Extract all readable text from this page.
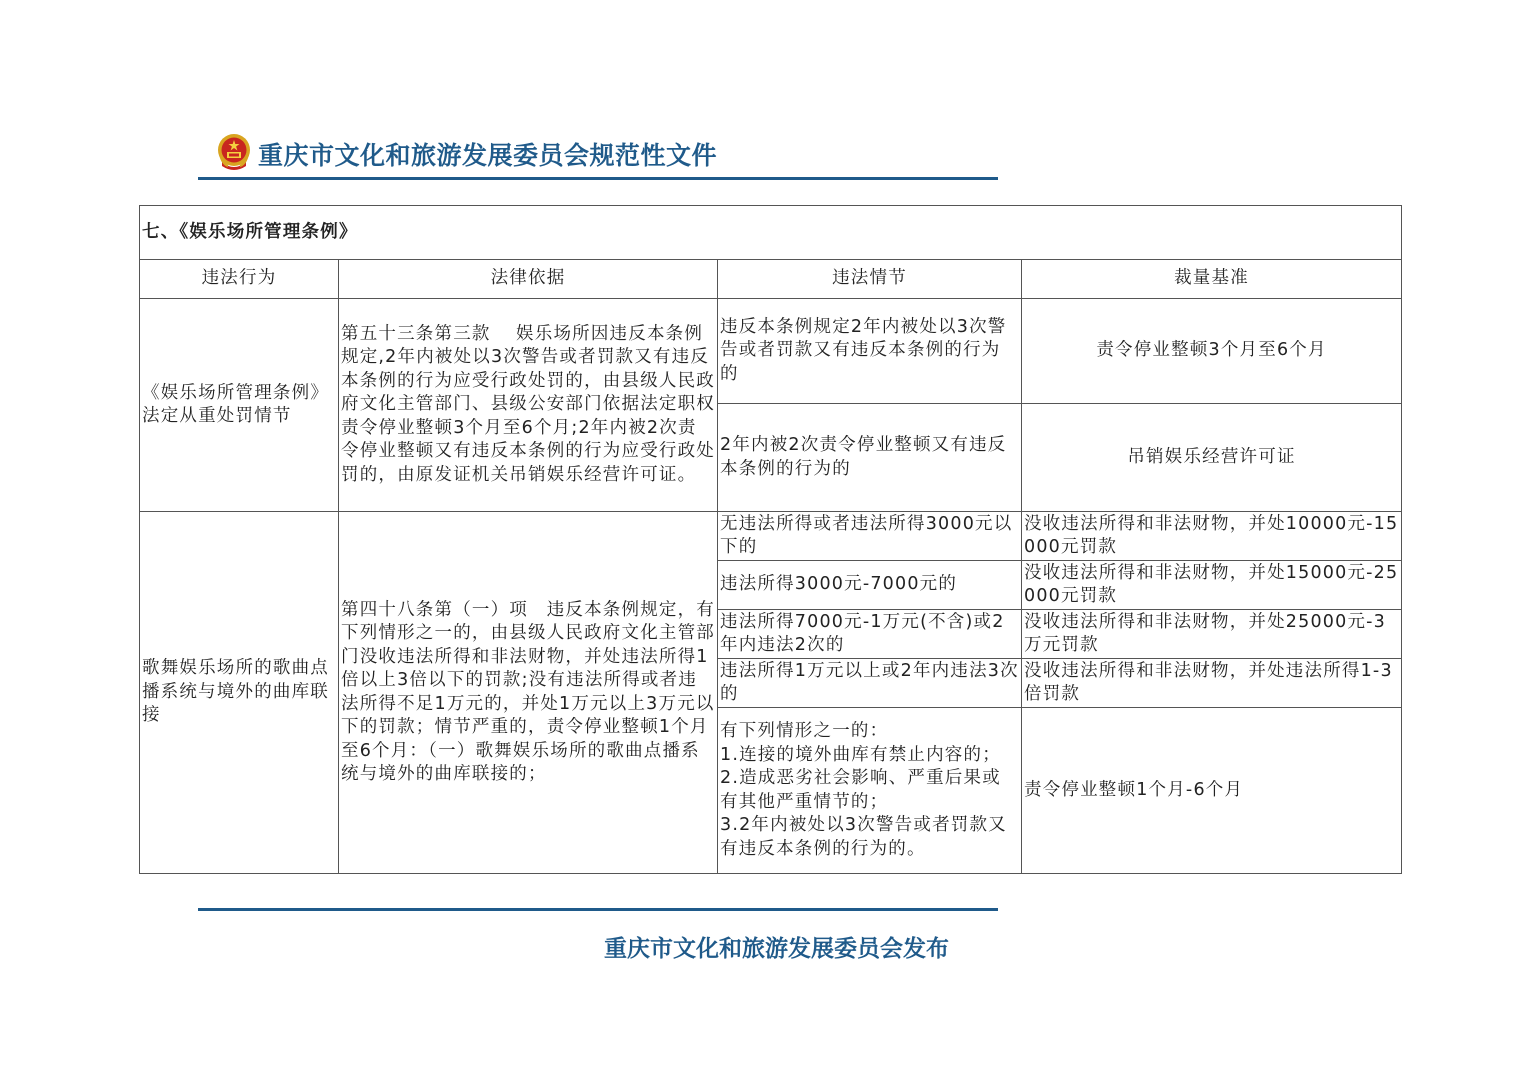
重庆市文化和旅游发展委员会规范性文件
七、《娱乐场所管理条例》			
违法行为	法律依据	违法情节	裁量基准
《娱乐场所管理条例》法定从重处罚情节	第五十三条第三款　 娱乐场所因违反本条例规定,2年内被处以3次警告或者罚款又有违反本条例的行为应受行政处罚的，由县级人民政府文化主管部门、县级公安部门依据法定职权责令停业整顿3个月至6个月;2年内被2次责令停业整顿又有违反本条例的行为应受行政处罚的，由原发证机关吊销娱乐经营许可证。	违反本条例规定2年内被处以3次警告或者罚款又有违反本条例的行为的	责令停业整顿3个月至6个月
		2年内被2次责令停业整顿又有违反本条例的行为的	吊销娱乐经营许可证
歌舞娱乐场所的歌曲点播系统与境外的曲库联接	第四十八条第（一）项　违反本条例规定，有下列情形之一的，由县级人民政府文化主管部门没收违法所得和非法财物，并处违法所得1倍以上3倍以下的罚款;没有违法所得或者违法所得不足1万元的，并处1万元以上3万元以下的罚款；情节严重的，责令停业整顿1个月至6个月：（一）歌舞娱乐场所的歌曲点播系统与境外的曲库联接的；	无违法所得或者违法所得3000元以下的	没收违法所得和非法财物，并处10000元-15000元罚款
		违法所得3000元-7000元的	没收违法所得和非法财物，并处15000元-25000元罚款
		违法所得7000元-1万元(不含)或2年内违法2次的	没收违法所得和非法财物，并处25000元-3万元罚款
		违法所得1万元以上或2年内违法3次的	没收违法所得和非法财物，并处违法所得1-3倍罚款

		有下列情形之一的：
1.连接的境外曲库有禁止内容的；
2.造成恶劣社会影响、严重后果或有其他严重情节的；
3.2年内被处以3次警告或者罚款又有违反本条例的行为的。	责令停业整顿1个月-6个月
重庆市文化和旅游发展委员会发布
